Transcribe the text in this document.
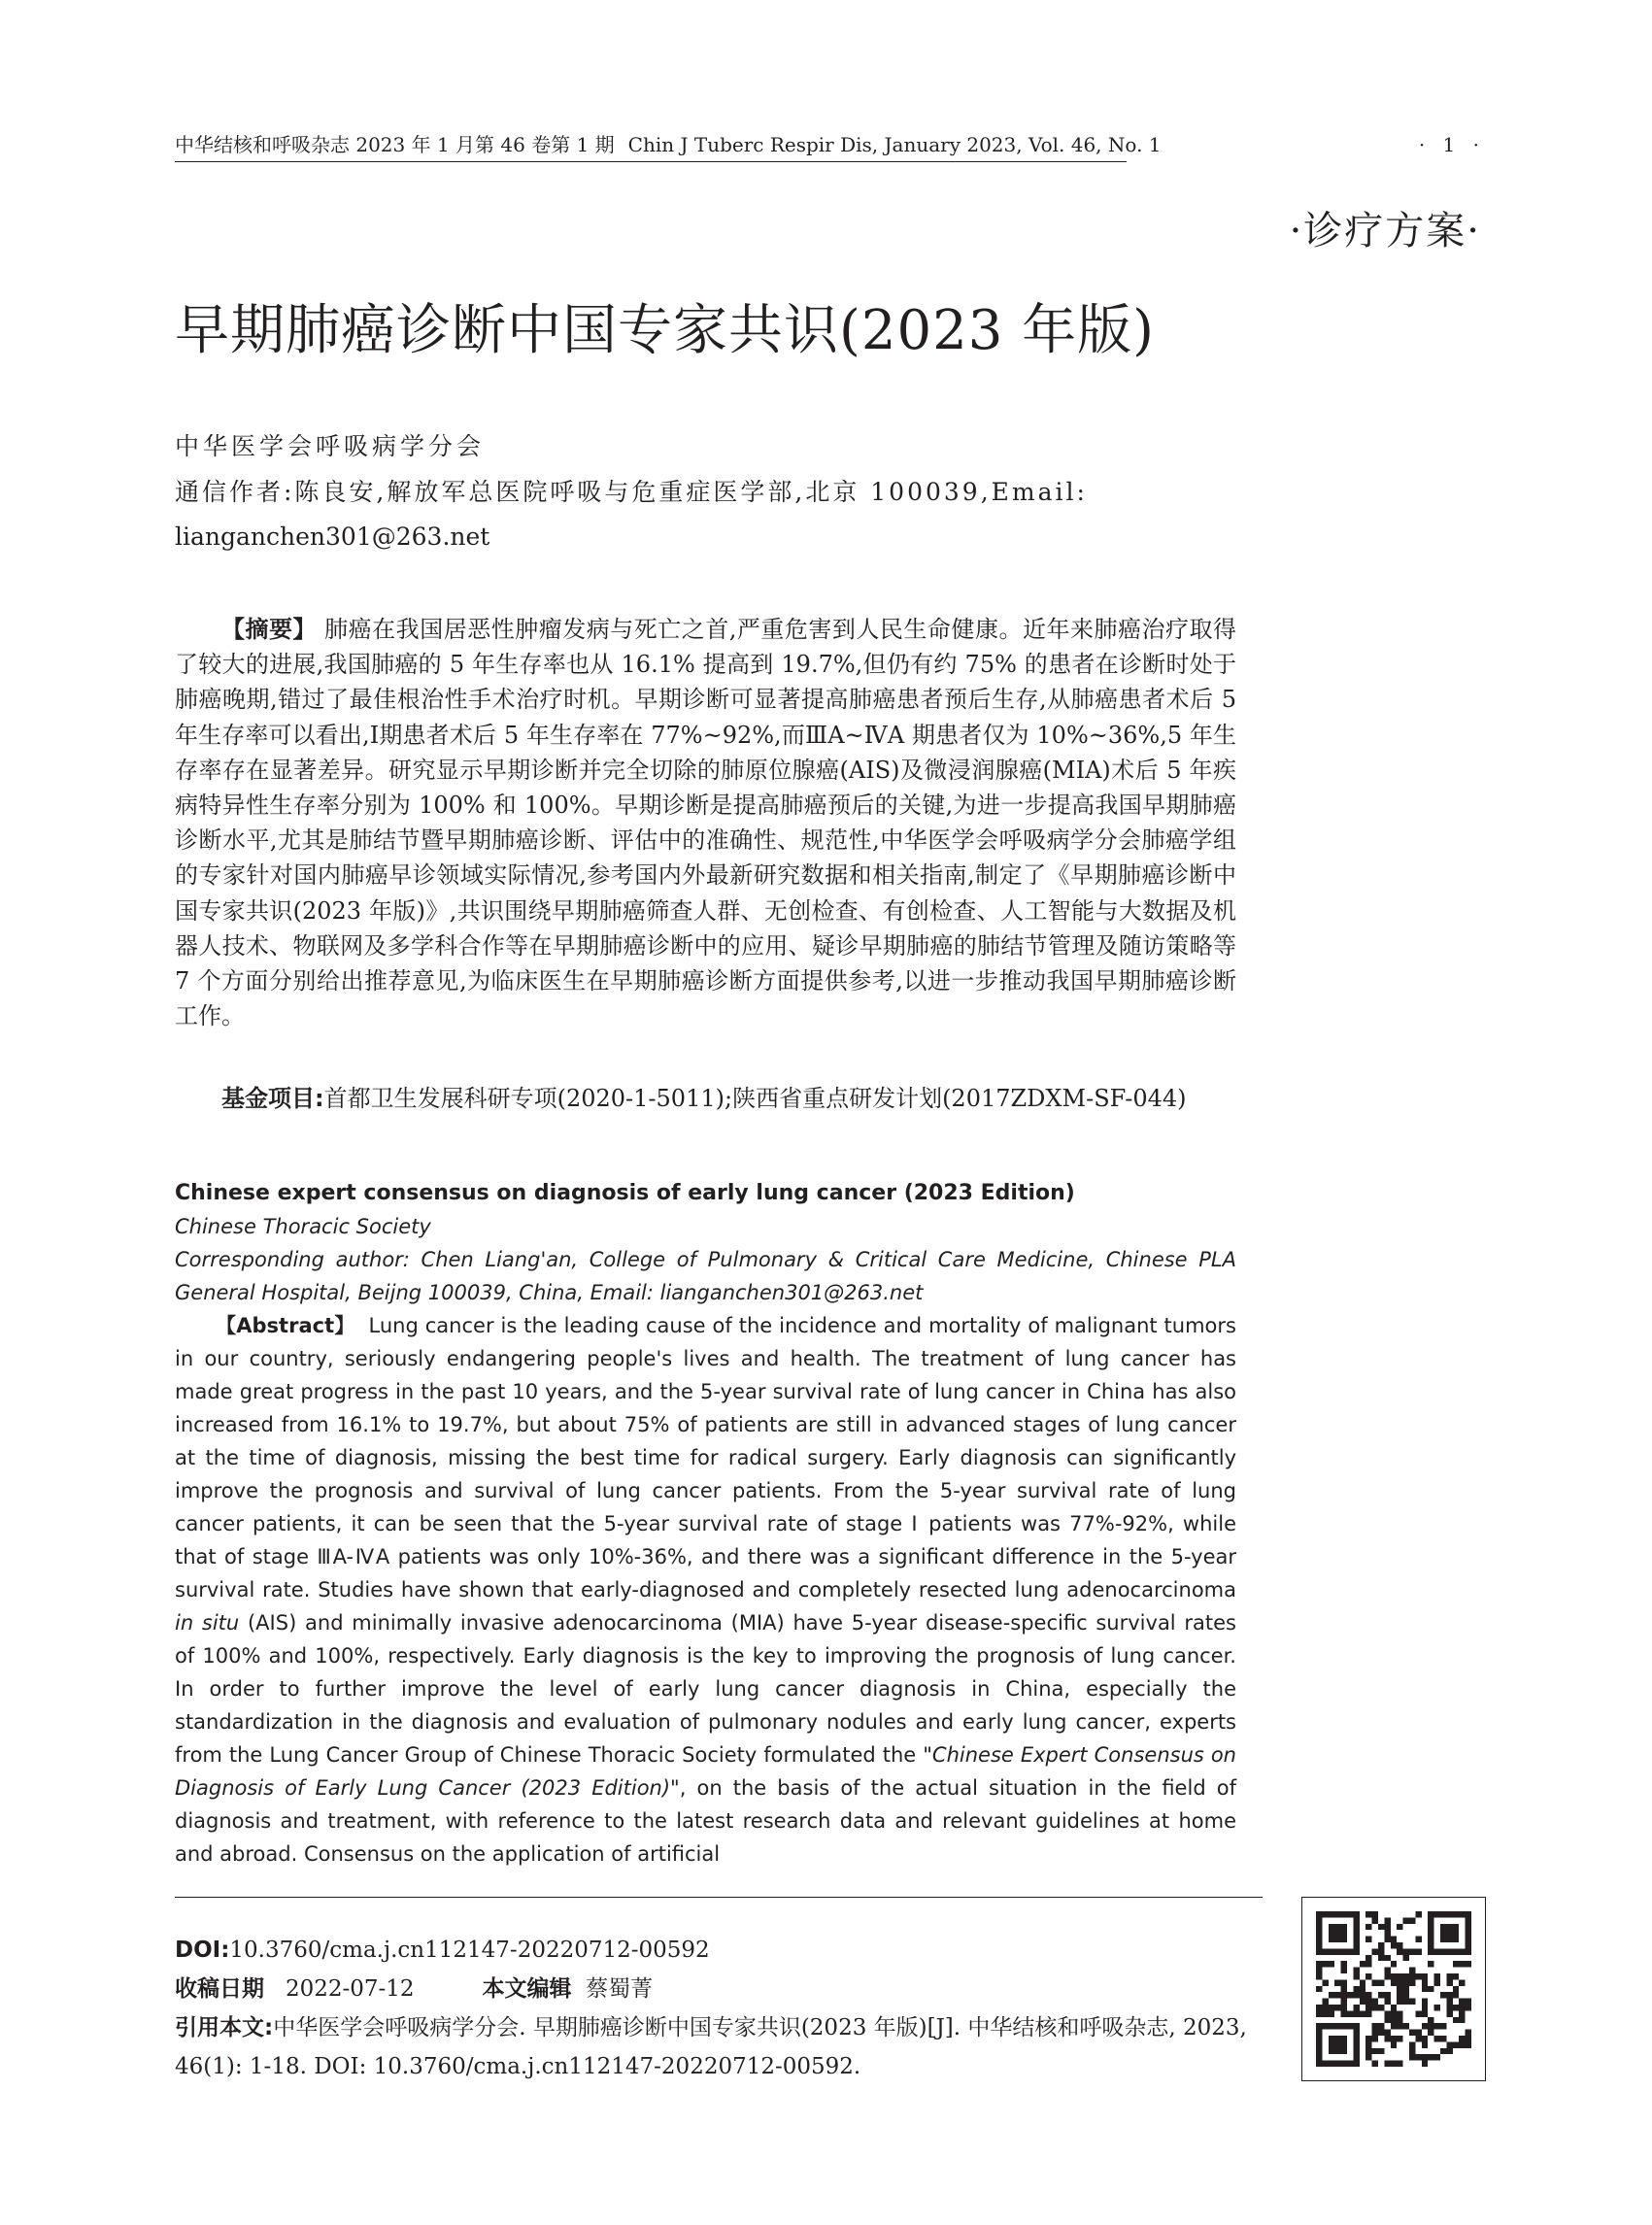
中华结核和呼吸杂志 2023 年 1 月第 46 卷第 1 期 Chin J Tuberc Respir Dis, January 2023, Vol. 46, No. 1	· 1 ·
·诊疗方案·
早期肺癌诊断中国专家共识(2023 年版)
中华医学会呼吸病学分会
通信作者:陈良安,解放军总医院呼吸与危重症医学部,北京 100039,Email:
lianganchen301@263.net

【摘要】 肺癌在我国居恶性肿瘤发病与死亡之首,严重危害到人民生命健康。近年来肺癌治疗取得了较大的进展,我国肺癌的 5 年生存率也从 16.1% 提高到 19.7%,但仍有约 75% 的患者在诊断时处于肺癌晚期,错过了最佳根治性手术治疗时机。早期诊断可显著提高肺癌患者预后生存,从肺癌患者术后 5 年生存率可以看出,Ⅰ期患者术后 5 年生存率在 77%~92%,而ⅢA~ⅣA 期患者仅为 10%~36%,5 年生存率存在显著差异。研究显示早期诊断并完全切除的肺原位腺癌(AIS)及微浸润腺癌(MIA)术后 5 年疾病特异性生存率分别为 100% 和 100%。早期诊断是提高肺癌预后的关键,为进一步提高我国早期肺癌诊断水平,尤其是肺结节暨早期肺癌诊断、评估中的准确性、规范性,中华医学会呼吸病学分会肺癌学组的专家针对国内肺癌早诊领域实际情况,参考国内外最新研究数据和相关指南,制定了《早期肺癌诊断中国专家共识(2023 年版)》,共识围绕早期肺癌筛查人群、无创检查、有创检查、人工智能与大数据及机器人技术、物联网及多学科合作等在早期肺癌诊断中的应用、疑诊早期肺癌的肺结节管理及随访策略等 7 个方面分别给出推荐意见,为临床医生在早期肺癌诊断方面提供参考,以进一步推动我国早期肺癌诊断工作。

基金项目:首都卫生发展科研专项(2020-1-5011);陕西省重点研发计划(2017ZDXM-SF-044)

Chinese expert consensus on diagnosis of early lung cancer (2023 Edition)
Chinese Thoracic Society
Corresponding author: Chen Liang'an, College of Pulmonary & Critical Care Medicine, Chinese PLA General Hospital, Beijng 100039, China, Email: lianganchen301@263.net

【Abstract】 Lung cancer is the leading cause of the incidence and mortality of malignant tumors in our country, seriously endangering people's lives and health. The treatment of lung cancer has made great progress in the past 10 years, and the 5-year survival rate of lung cancer in China has also increased from 16.1% to 19.7%, but about 75% of patients are still in advanced stages of lung cancer at the time of diagnosis, missing the best time for radical surgery. Early diagnosis can significantly improve the prognosis and survival of lung cancer patients. From the 5-year survival rate of lung cancer patients, it can be seen that the 5-year survival rate of stage Ⅰ patients was 77%-92%, while that of stage ⅢA-ⅣA patients was only 10%-36%, and there was a significant difference in the 5-year survival rate. Studies have shown that early-diagnosed and completely resected lung adenocarcinoma in situ (AIS) and minimally invasive adenocarcinoma (MIA) have 5-year disease-specific survival rates of 100% and 100%, respectively. Early diagnosis is the key to improving the prognosis of lung cancer. In order to further improve the level of early lung cancer diagnosis in China, especially the standardization in the diagnosis and evaluation of pulmonary nodules and early lung cancer, experts from the Lung Cancer Group of Chinese Thoracic Society formulated the "Chinese Expert Consensus on Diagnosis of Early Lung Cancer (2023 Edition)", on the basis of the actual situation in the field of diagnosis and treatment, with reference to the latest research data and relevant guidelines at home and abroad. Consensus on the application of artificial

DOI:10.3760/cma.j.cn112147-20220712-00592
收稿日期 2022-07-12	本文编辑 蔡蜀菁
引用本文:中华医学会呼吸病学分会. 早期肺癌诊断中国专家共识(2023 年版)[J]. 中华结核和呼吸杂志, 2023, 46(1): 1-18. DOI: 10.3760/cma.j.cn112147-20220712-00592.
